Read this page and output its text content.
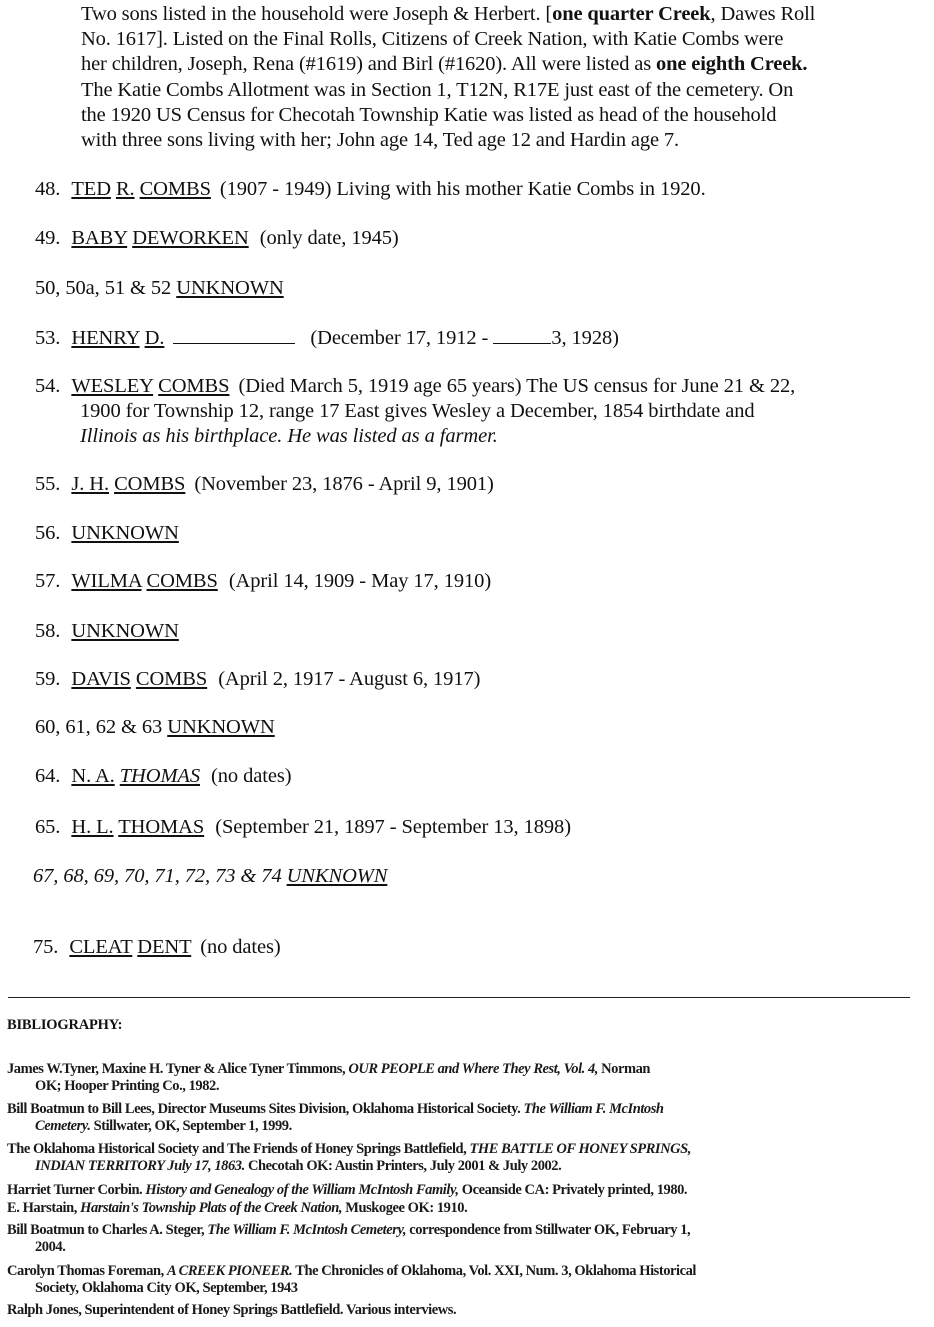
Two sons listed in the household were Joseph & Herbert. [one quarter Creek, Dawes Roll

No. 1617]. Listed on the Final Rolls, Citizens of Creek Nation, with Katie Combs were

her children, Joseph, Rena (#1619) and Birl (#1620). All were listed as one eighth Creek.

The Katie Combs Allotment was in Section 1, T12N, R17E just east of the cemetery. On

the 1920 US Census for Checotah Township Katie was listed as head of the household

with three sons living with her; John age 14, Ted age 12 and Hardin age 7.

48. TED R. COMBS (1907 - 1949) Living with his mother Katie Combs in 1920.
49. BABY DEWORKEN (only date, 1945)
50, 50a, 51 & 52 UNKNOWN
53. HENRY D.	(December 17, 1912 -	3, 1928)
54. WESLEY COMBS (Died March 5, 1919 age 65 years) The US census for June 21 & 22,
1900 for Township 12, range 17 East gives Wesley a December, 1854 birthdate and
Illinois as his birthplace. He was listed as a farmer.
55. J. H. COMBS (November 23, 1876 - April 9, 1901)
56. UNKNOWN
57. WILMA COMBS (April 14, 1909 - May 17, 1910)
58. UNKNOWN
59. DAVIS COMBS (April 2, 1917 - August 6, 1917)
60, 61, 62 & 63 UNKNOWN
64. N. A. THOMAS (no dates)
65. H. L. THOMAS (September 21, 1897 - September 13, 1898)
67, 68, 69, 70, 71, 72, 73 & 74 UNKNOWN
75. CLEAT DENT (no dates)
BIBLIOGRAPHY:
James W.Tyner, Maxine H. Tyner & Alice Tyner Timmons, OUR PEOPLE and Where They Rest, Vol. 4, Norman
OK; Hooper Printing Co., 1982.
Bill Boatmun to Bill Lees, Director Museums Sites Division, Oklahoma Historical Society. The William F. McIntosh
Cemetery. Stillwater, OK, September 1, 1999.
The Oklahoma Historical Society and The Friends of Honey Springs Battlefield, THE BATTLE OF HONEY SPRINGS,
INDIAN TERRITORY July 17, 1863. Checotah OK: Austin Printers, July 2001 & July 2002.
Harriet Turner Corbin. History and Genealogy of the William McIntosh Family, Oceanside CA: Privately printed, 1980.
E. Harstain, Harstain's Township Plats of the Creek Nation, Muskogee OK: 1910.
Bill Boatmun to Charles A. Steger, The William F. McIntosh Cemetery, correspondence from Stillwater OK, February 1,
2004.
Carolyn Thomas Foreman, A CREEK PIONEER. The Chronicles of Oklahoma, Vol. XXI, Num. 3, Oklahoma Historical
Society, Oklahoma City OK, September, 1943
Ralph Jones, Superintendent of Honey Springs Battlefield. Various interviews.
